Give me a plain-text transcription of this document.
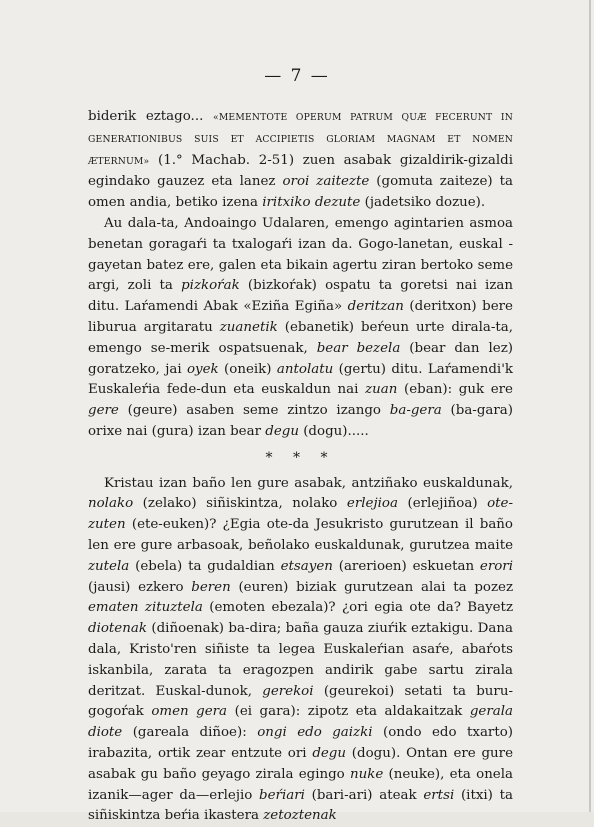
— 7 —

biderik eztago... «MEMENTOTE OPERUM PATRUM QUÆ FECERUNT IN GENERATIONIBUS SUIS ET ACCIPIETIS GLORIAM MAGNAM ET NOMEN ÆTERNUM» (1.° Machab. 2-51) zuen asabak gizaldirik-gizaldi egindako gauzez eta lanez oroi zaitezte (gomuta zaiteze) ta omen andia, betiko izena iritxiko dezute (jadetsiko dozue).

Au dala-ta, Andoaingo Udalaren, emengo agintarien asmoa benetan goragaŕi ta txalogaŕi izan da. Gogo-lanetan, euskal -gayetan batez ere, galen eta bikain agertu ziran bertoko seme argi, zoli ta pizkoŕak (bizkoŕak) ospatu ta goretsi nai izan ditu. Laŕamendi Abak «Eziña Egiña» deritzan (deritxon) bere liburua argitaratu zuanetik (ebanetik) beŕeun urte dirala-ta, emengo se-merik ospatsuenak, bear bezela (bear dan lez) goratzeko, jai oyek (oneik) antolatu (gertu) ditu. Laŕamendi'k Euskaleŕia fede-dun eta euskaldun nai zuan (eban): guk ere gere (geure) asaben seme zintzo izango ba-gera (ba-gara) orixe nai (gura) izan bear degu (dogu).....

* * *

Kristau izan baño len gure asabak, antziñako euskaldunak, nolako (zelako) siñiskintza, nolako erlejioa (erlejiñoa) ote-zuten (ete-euken)? ¿Egia ote-da Jesukristo gurutzean il baño len ere gure arbasoak, beñolako euskaldunak, gurutzea maite zutela (ebela) ta gudaldian etsayen (arerioen) eskuetan erori (jausi) ezkero beren (euren) biziak gurutzean alai ta pozez ematen zituztela (emoten ebezala)? ¿ori egia ote da? Bayetz diotenak (diñoenak) ba-dira; baña gauza ziuŕik eztakigu. Dana dala, Kristo'ren siñiste ta legea Euskaleŕian asaŕe, abaŕots iskanbila, zarata ta eragozpen andirik gabe sartu zirala deritzat. Euskal-dunok, gerekoi (geurekoi) setati ta buru-gogoŕak omen gera (ei gara): zipotz eta aldakaitzak gerala diote (gareala diñoe): ongi edo gaizki (ondo edo txarto) irabazita, ortik zear entzute ori degu (dogu). Ontan ere gure asabak gu baño geyago zirala egingo nuke (neuke), eta onela izanik—ager da—erlejio beŕiari (bari-ari) ateak ertsi (itxi) ta siñiskintza beŕia ikastera zetoztenak
